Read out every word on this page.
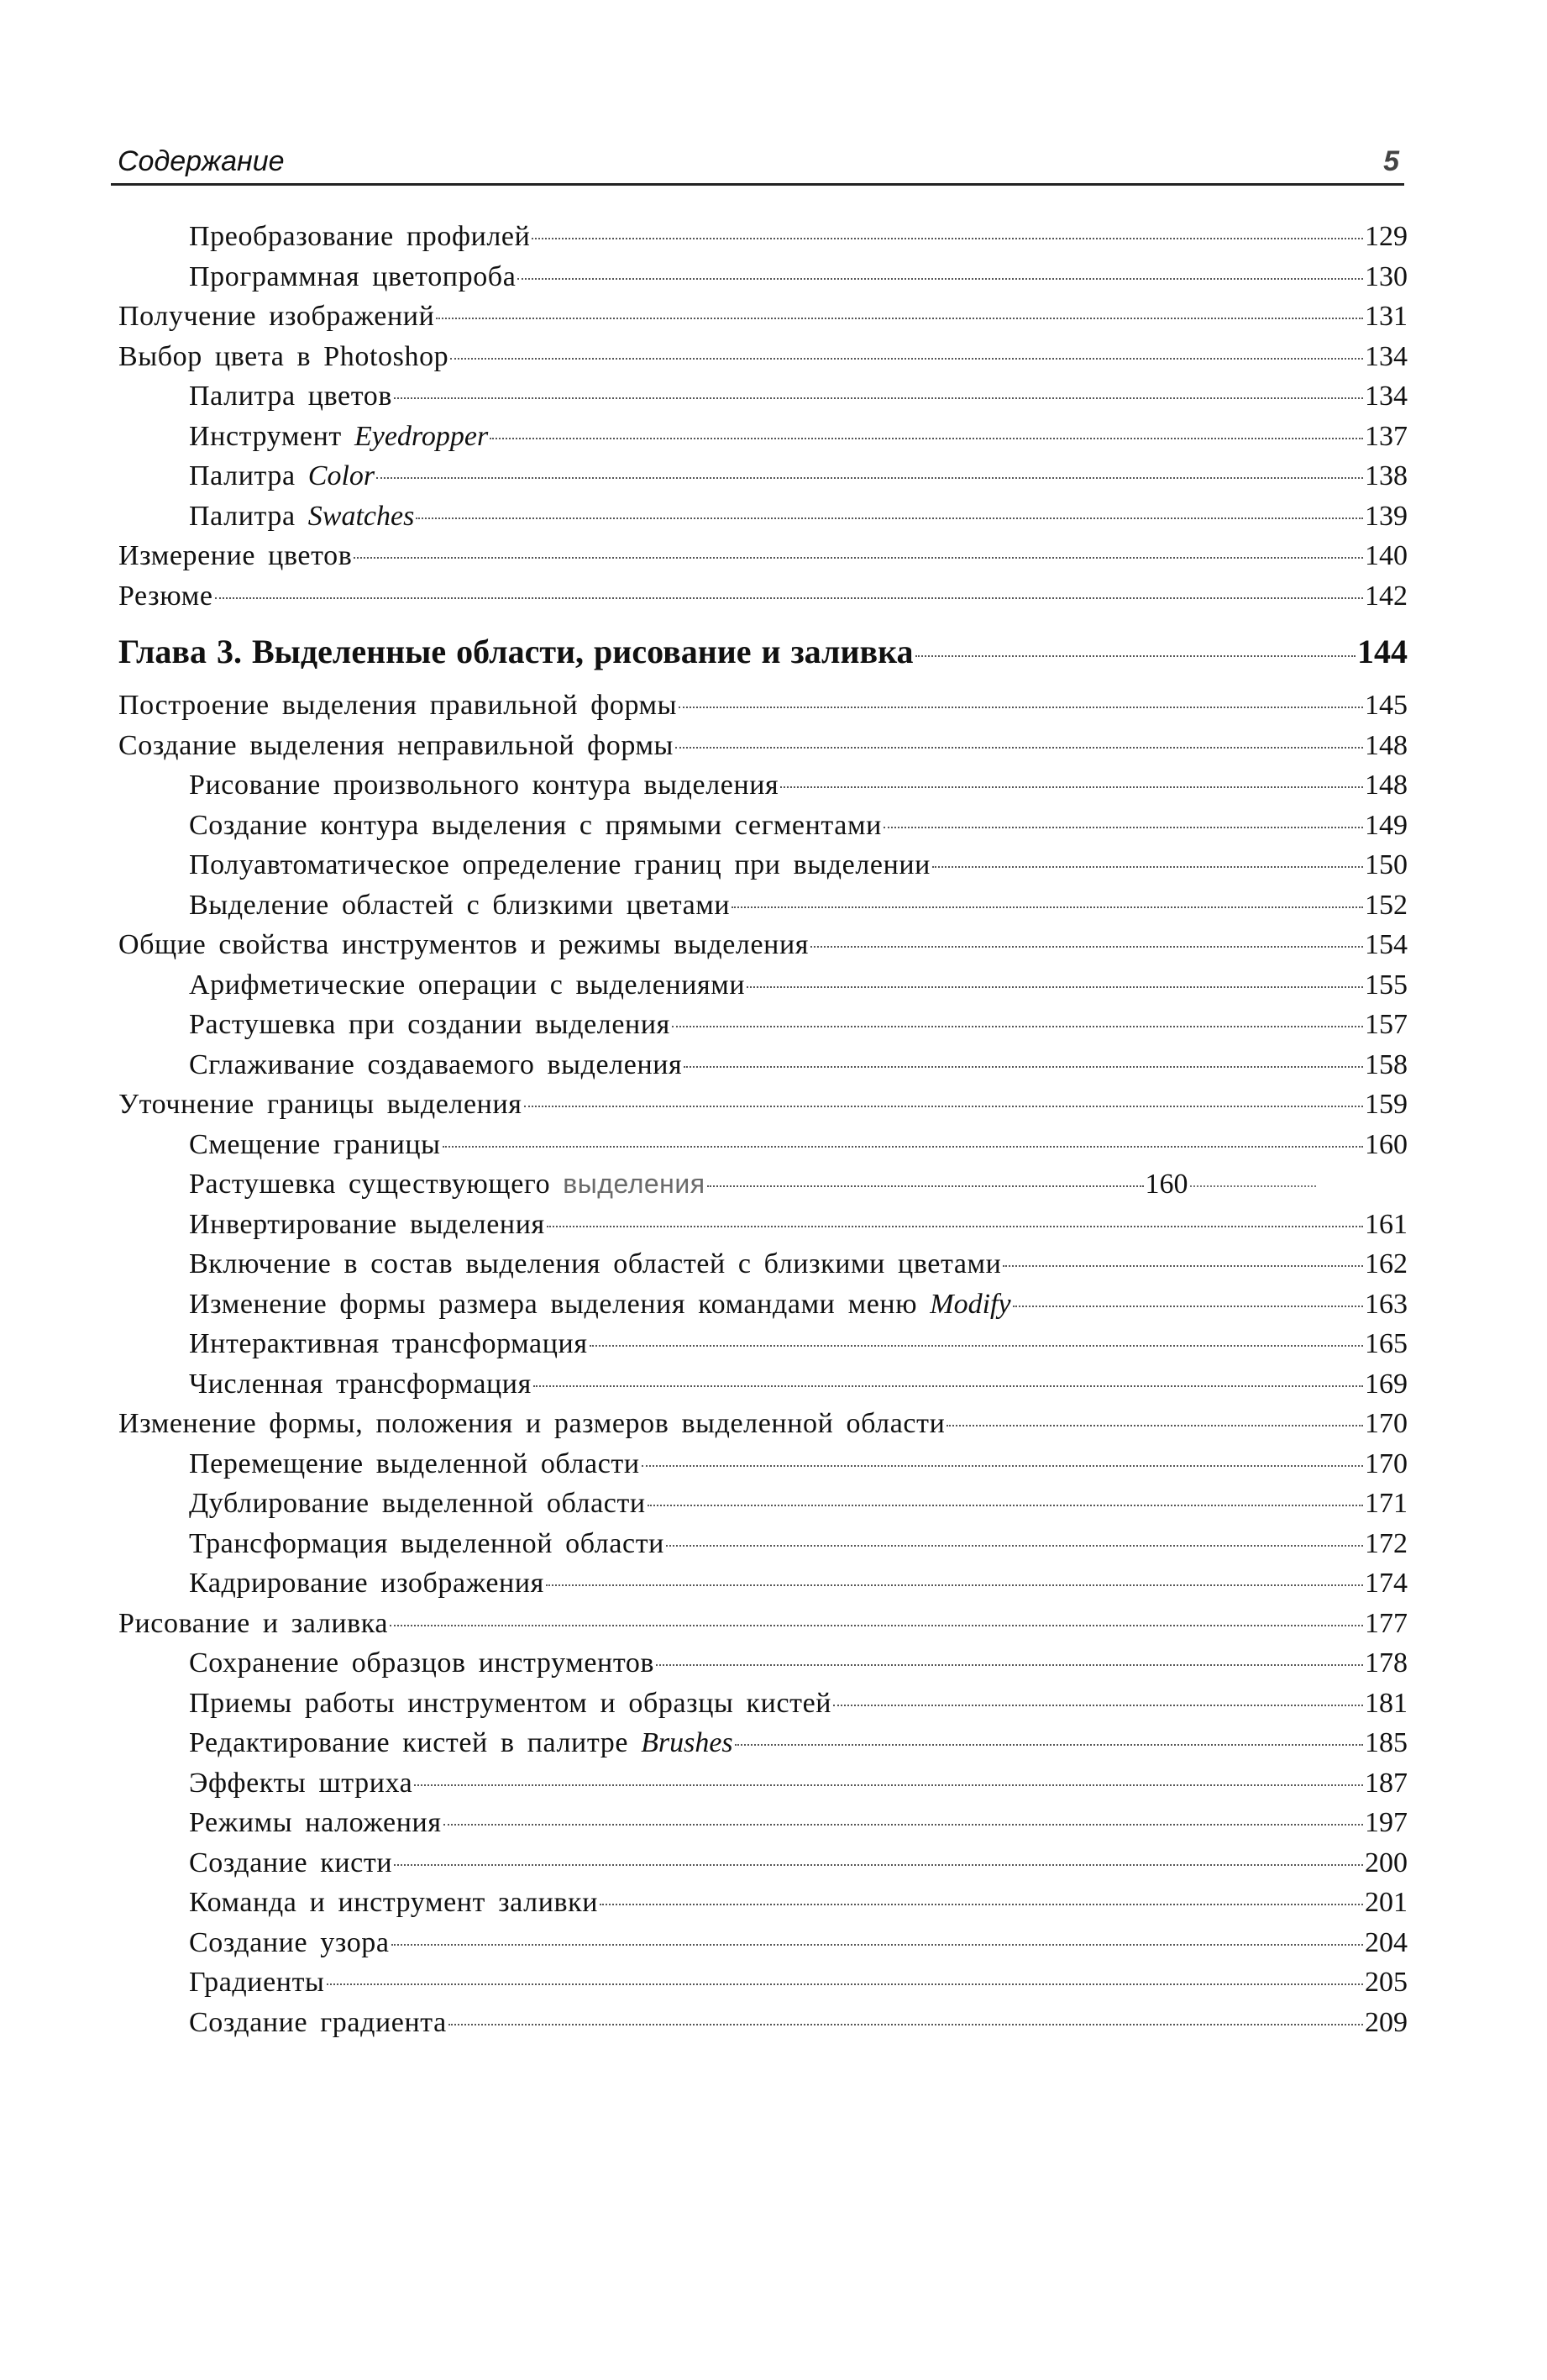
Содержание	5
Преобразование профилей	129
Программная цветопроба	130
Получение изображений	131
Выбор цвета в Photoshop	134
Палитра цветов	134
Инструмент Eyedropper	137
Палитра Color	138
Палитра Swatches	139
Измерение цветов	140
Резюме	142
Глава 3. Выделенные области, рисование и заливка	144
Построение выделения правильной формы	145
Создание выделения неправильной формы	148
Рисование произвольного контура выделения	148
Создание контура выделения с прямыми сегментами	149
Полуавтоматическое определение границ при выделении	150
Выделение областей с близкими цветами	152
Общие свойства инструментов и режимы выделения	154
Арифметические операции с выделениями	155
Растушевка при создании выделения	157
Сглаживание создаваемого выделения	158
Уточнение границы выделения	159
Смещение границы	160
Растушевка существующего выделения	160
Инвертирование выделения	161
Включение в состав выделения областей с близкими цветами	162
Изменение формы размера выделения командами меню Modify	163
Интерактивная трансформация	165
Численная трансформация	169
Изменение формы, положения и размеров выделенной области	170
Перемещение выделенной области	170
Дублирование выделенной области	171
Трансформация выделенной области	172
Кадрирование изображения	174
Рисование и заливка	177
Сохранение образцов инструментов	178
Приемы работы инструментом и образцы кистей	181
Редактирование кистей в палитре Brushes	185
Эффекты штриха	187
Режимы наложения	197
Создание кисти	200
Команда и инструмент заливки	201
Создание узора	204
Градиенты	205
Создание градиента	209
